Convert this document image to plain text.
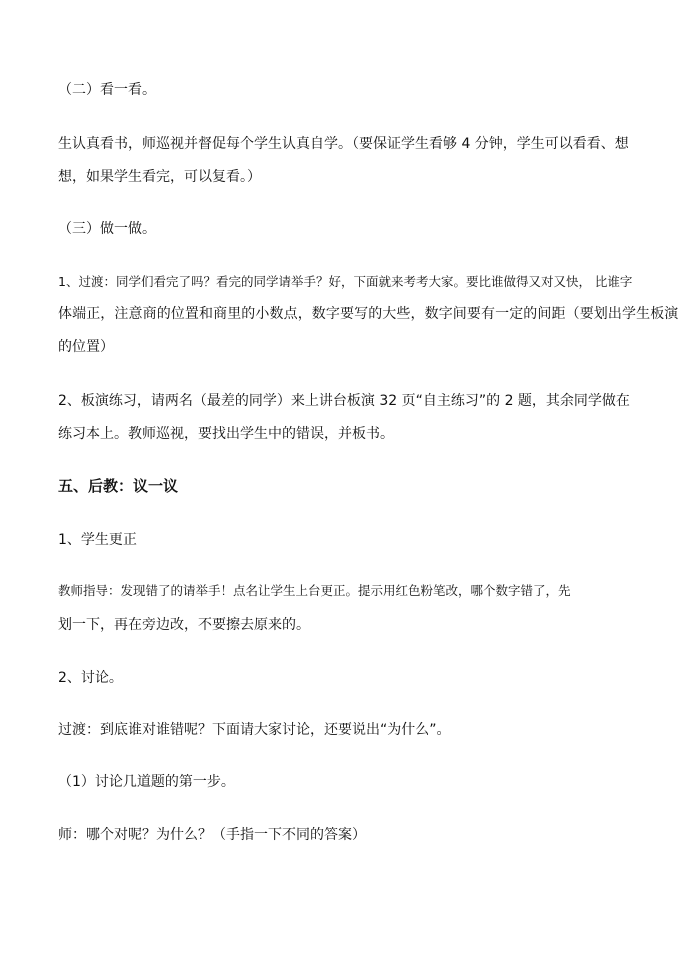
（二）看一看。
生认真看书，师巡视并督促每个学生认真自学。（要保证学生看够 4 分钟，学生可以看看、想
想，如果学生看完，可以复看。）
（三）做一做。
1、过渡：同学们看完了吗？看完的同学请举手？好，下面就来考考大家。要比谁做得又对又快， 比谁字
体端正，注意商的位置和商里的小数点，数字要写的大些，数字间要有一定的间距（要划出学生板演
的位置）
2、板演练习，请两名（最差的同学）来上讲台板演 32 页“自主练习”的 2 题，其余同学做在
练习本上。教师巡视，要找出学生中的错误，并板书。
五、后教：议一议
1、学生更正
教师指导：发现错了的请举手！点名让学生上台更正。提示用红色粉笔改，哪个数字错了，先
划一下，再在旁边改，不要擦去原来的。
2、讨论。
过渡：到底谁对谁错呢？下面请大家讨论，还要说出“为什么”。
（1）讨论几道题的第一步。
师：哪个对呢？为什么？（手指一下不同的答案）
